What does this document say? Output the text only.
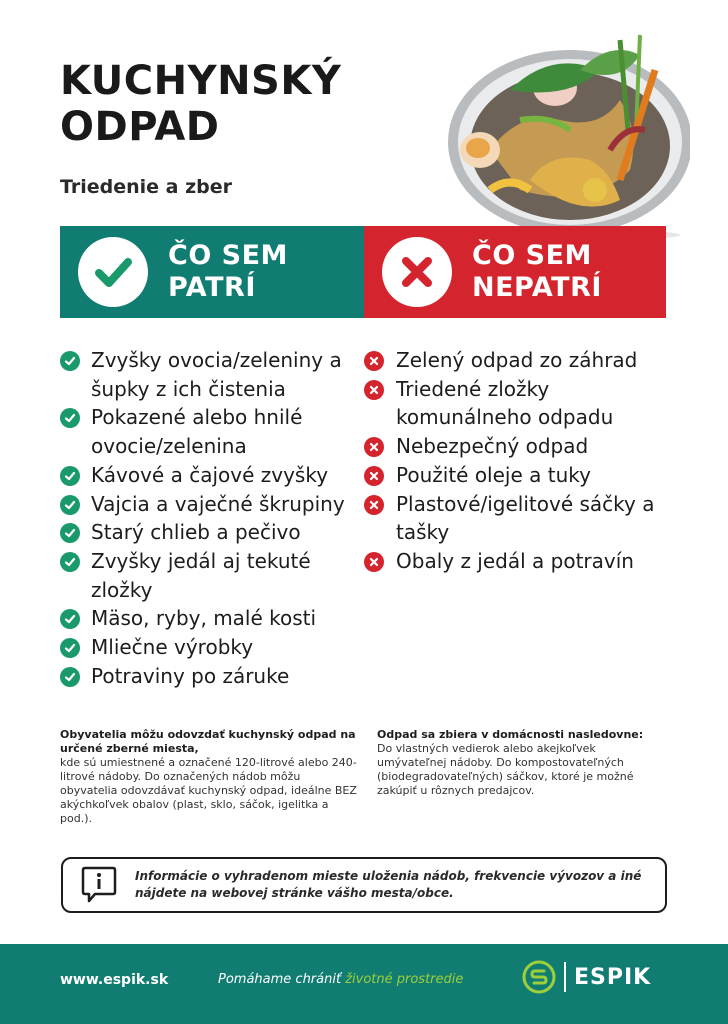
KUCHYNSKÝ
ODPAD
Triedenie a zber
ČO SEM
PATRÍ
ČO SEM
NEPATRÍ
Zvyšky ovocia/zeleniny a šupky z ich čistenia
Pokazené alebo hnilé ovocie/zelenina
Kávové a čajové zvyšky
Vajcia a vaječné škrupiny
Starý chlieb a pečivo
Zvyšky jedál aj tekuté zložky
Mäso, ryby, malé kosti
Mliečne výrobky
Potraviny po záruke
Zelený odpad zo záhrad
Triedené zložky komunálneho odpadu
Nebezpečný odpad
Použité oleje a tuky
Plastové/igelitové sáčky a tašky
Obaly z jedál a potravín
Obyvatelia môžu odovzdať kuchynský odpad na určené zberné miesta,
kde sú umiestnené a označené 120-litrové alebo 240-litrové nádoby. Do označených nádob môžu obyvatelia odovzdávať kuchynský odpad, ideálne BEZ akýchkoľvek obalov (plast, sklo, sáčok, igelitka a pod.).
Odpad sa zbiera v domácnosti nasledovne:
Do vlastných vedierok alebo akejkoľvek umývateľnej nádoby. Do kompostovateľných (biodegradovateľných) sáčkov, ktoré je možné zakúpiť u rôznych predajcov.
Informácie o vyhradenom mieste uloženia nádob, frekvencie vývozov a iné nájdete na webovej stránke vášho mesta/obce.
www.espik.sk	Pomáhame chrániť životné prostredie	ESPIK
